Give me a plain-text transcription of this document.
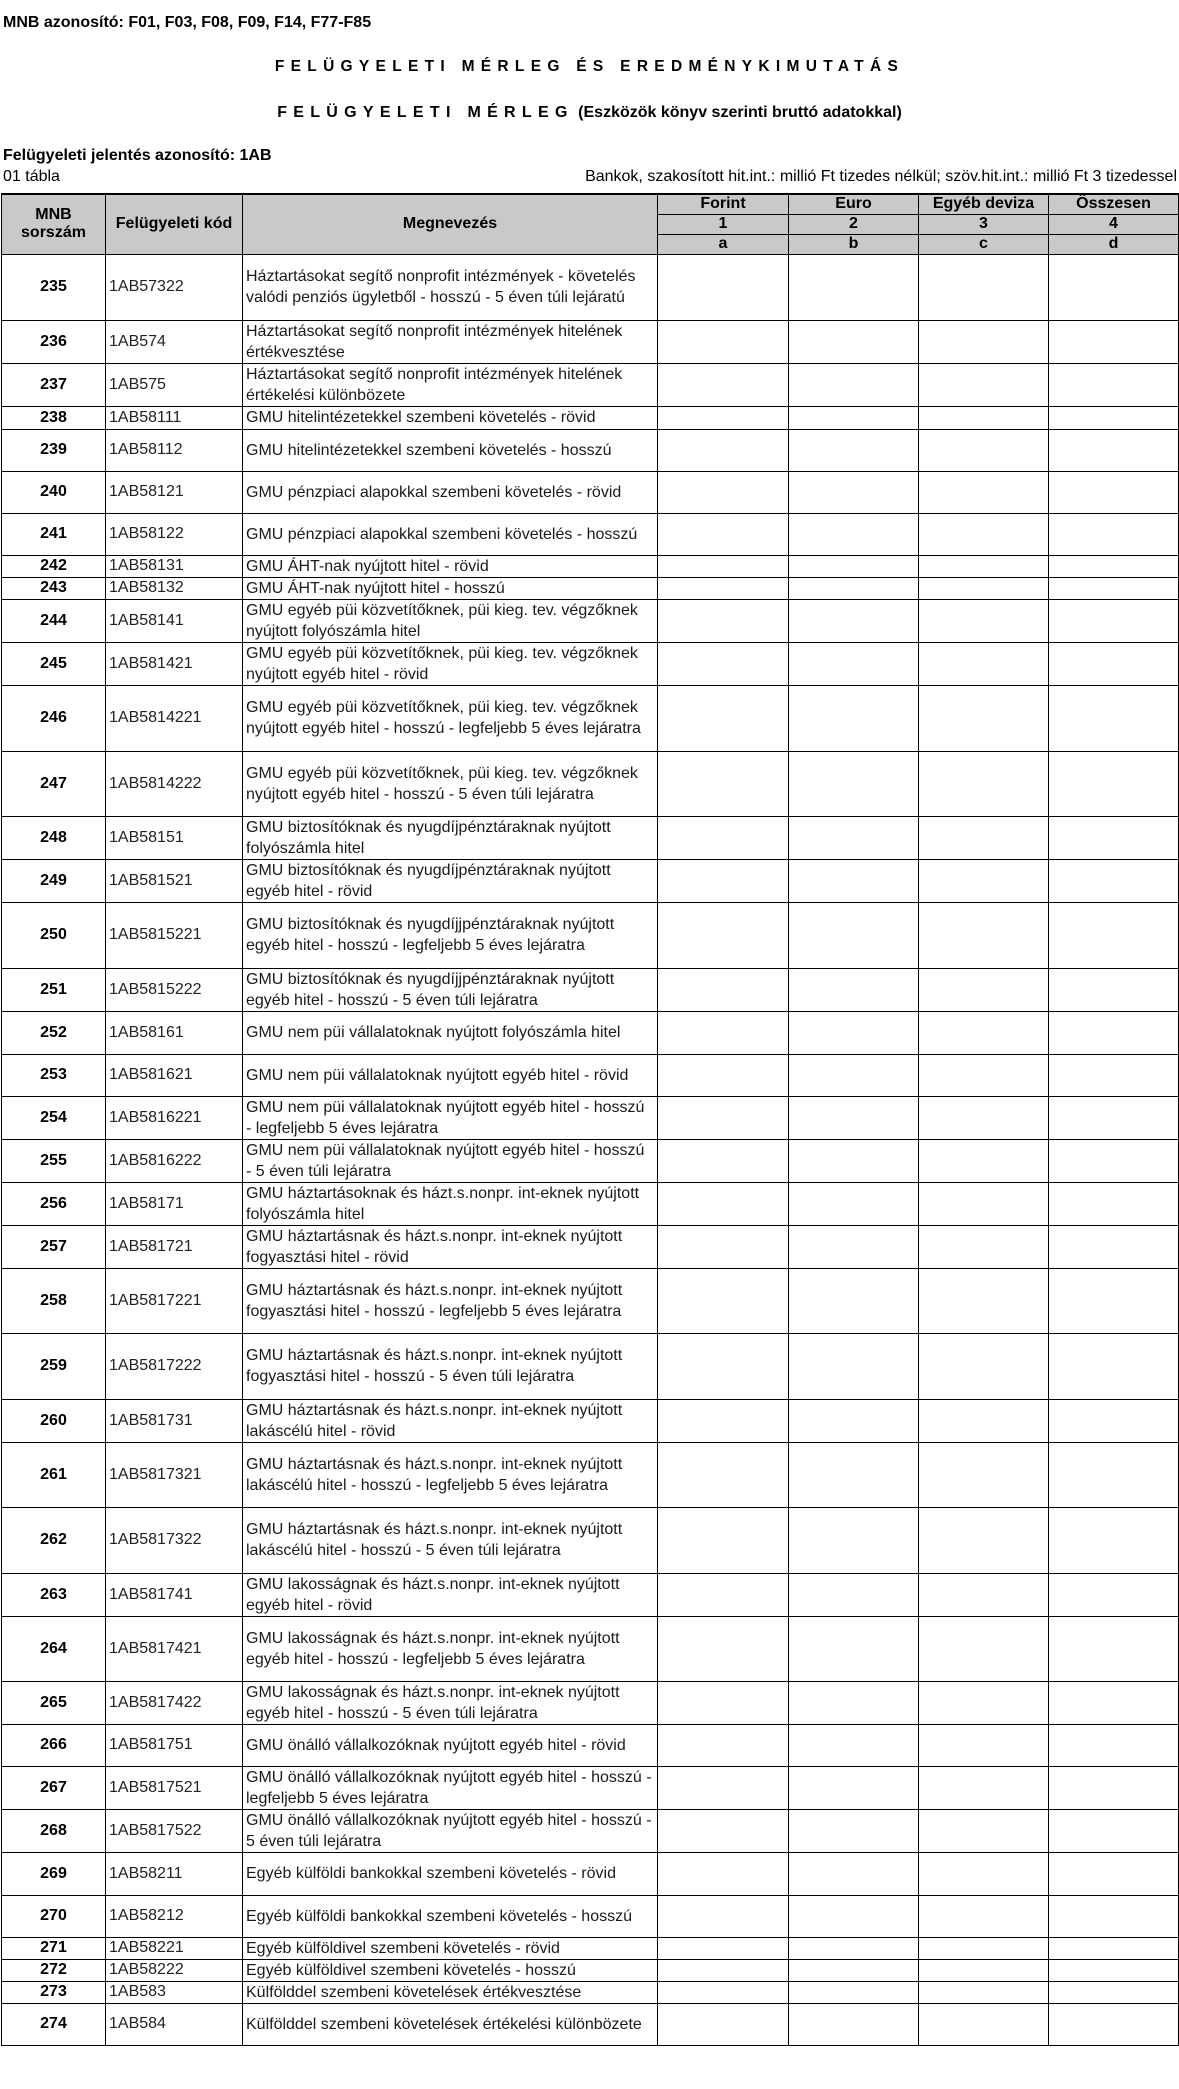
MNB azonosító: F01, F03, F08, F09, F14, F77-F85
FELÜGYELETI MÉRLEG ÉS EREDMÉNYKIMUTATÁS
FELÜGYELETI MÉRLEG (Eszközök könyv szerinti bruttó adatokkal)
Felügyeleti jelentés azonosító: 1AB
01 tábla	Bankok, szakosított hit.int.: millió Ft tizedes nélkül; szöv.hit.int.: millió Ft 3 tizedessel
MNB sorszám	Felügyeleti kód	Megnevezés	Forint	Euro	Egyéb deviza	Összesen
			1	2	3	4
			a	b	c	d
235	1AB57322	Háztartásokat segítő nonprofit intézmények - követelés valódi penziós ügyletből - hosszú - 5 éven túli lejáratú				
236	1AB574	Háztartásokat segítő nonprofit intézmények hitelének értékvesztése				
237	1AB575	Háztartásokat segítő nonprofit intézmények hitelének értékelési különbözete				
238	1AB58111	GMU hitelintézetekkel szembeni követelés - rövid				
239	1AB58112	GMU hitelintézetekkel szembeni követelés - hosszú				
240	1AB58121	GMU pénzpiaci alapokkal szembeni követelés - rövid				
241	1AB58122	GMU pénzpiaci alapokkal szembeni követelés - hosszú				
242	1AB58131	GMU ÁHT-nak nyújtott hitel - rövid				
243	1AB58132	GMU ÁHT-nak nyújtott hitel - hosszú				
244	1AB58141	GMU egyéb püi közvetítőknek, püi kieg. tev. végzőknek nyújtott folyószámla hitel				
245	1AB581421	GMU egyéb püi közvetítőknek, püi kieg. tev. végzőknek nyújtott egyéb hitel - rövid				
246	1AB5814221	GMU egyéb püi közvetítőknek, püi kieg. tev. végzőknek nyújtott egyéb hitel - hosszú - legfeljebb 5 éves lejáratra				
247	1AB5814222	GMU egyéb püi közvetítőknek, püi kieg. tev. végzőknek nyújtott egyéb hitel - hosszú - 5 éven túli lejáratra				
248	1AB58151	GMU biztosítóknak és nyugdíjpénztáraknak nyújtott folyószámla hitel				
249	1AB581521	GMU biztosítóknak és nyugdíjpénztáraknak nyújtott egyéb hitel - rövid				
250	1AB5815221	GMU biztosítóknak és nyugdíjjpénztáraknak nyújtott egyéb hitel - hosszú - legfeljebb 5 éves lejáratra				
251	1AB5815222	GMU biztosítóknak és nyugdíjjpénztáraknak nyújtott egyéb hitel - hosszú - 5 éven túli lejáratra				
252	1AB58161	GMU nem püi vállalatoknak nyújtott folyószámla hitel				
253	1AB581621	GMU nem püi vállalatoknak nyújtott egyéb hitel - rövid				
254	1AB5816221	GMU nem püi vállalatoknak nyújtott egyéb hitel - hosszú - legfeljebb 5 éves lejáratra				
255	1AB5816222	GMU nem püi vállalatoknak nyújtott egyéb hitel - hosszú - 5 éven túli lejáratra				
256	1AB58171	GMU háztartásoknak és házt.s.nonpr. int-eknek nyújtott folyószámla hitel				
257	1AB581721	GMU háztartásnak és házt.s.nonpr. int-eknek nyújtott fogyasztási hitel - rövid				
258	1AB5817221	GMU háztartásnak és házt.s.nonpr. int-eknek nyújtott fogyasztási hitel - hosszú - legfeljebb 5 éves lejáratra				
259	1AB5817222	GMU háztartásnak és házt.s.nonpr. int-eknek nyújtott fogyasztási hitel - hosszú - 5 éven túli lejáratra				
260	1AB581731	GMU háztartásnak és házt.s.nonpr. int-eknek nyújtott lakáscélú hitel - rövid				
261	1AB5817321	GMU háztartásnak és házt.s.nonpr. int-eknek nyújtott lakáscélú hitel - hosszú - legfeljebb 5 éves lejáratra				
262	1AB5817322	GMU háztartásnak és házt.s.nonpr. int-eknek nyújtott lakáscélú hitel - hosszú - 5 éven túli lejáratra				
263	1AB581741	GMU lakosságnak és házt.s.nonpr. int-eknek nyújtott egyéb hitel - rövid				
264	1AB5817421	GMU lakosságnak és házt.s.nonpr. int-eknek nyújtott egyéb hitel - hosszú - legfeljebb 5 éves lejáratra				
265	1AB5817422	GMU lakosságnak és házt.s.nonpr. int-eknek nyújtott egyéb hitel - hosszú - 5 éven túli lejáratra				
266	1AB581751	GMU önálló vállalkozóknak nyújtott egyéb hitel - rövid				
267	1AB5817521	GMU önálló vállalkozóknak nyújtott egyéb hitel - hosszú - legfeljebb 5 éves lejáratra				
268	1AB5817522	GMU önálló vállalkozóknak nyújtott egyéb hitel - hosszú - 5 éven túli lejáratra				
269	1AB58211	Egyéb külföldi bankokkal szembeni követelés - rövid				
270	1AB58212	Egyéb külföldi bankokkal szembeni követelés - hosszú				
271	1AB58221	Egyéb külföldivel szembeni követelés - rövid				
272	1AB58222	Egyéb külföldivel szembeni követelés - hosszú				
273	1AB583	Külfölddel szembeni követelések értékvesztése				
274	1AB584	Külfölddel szembeni követelések értékelési különbözete				
